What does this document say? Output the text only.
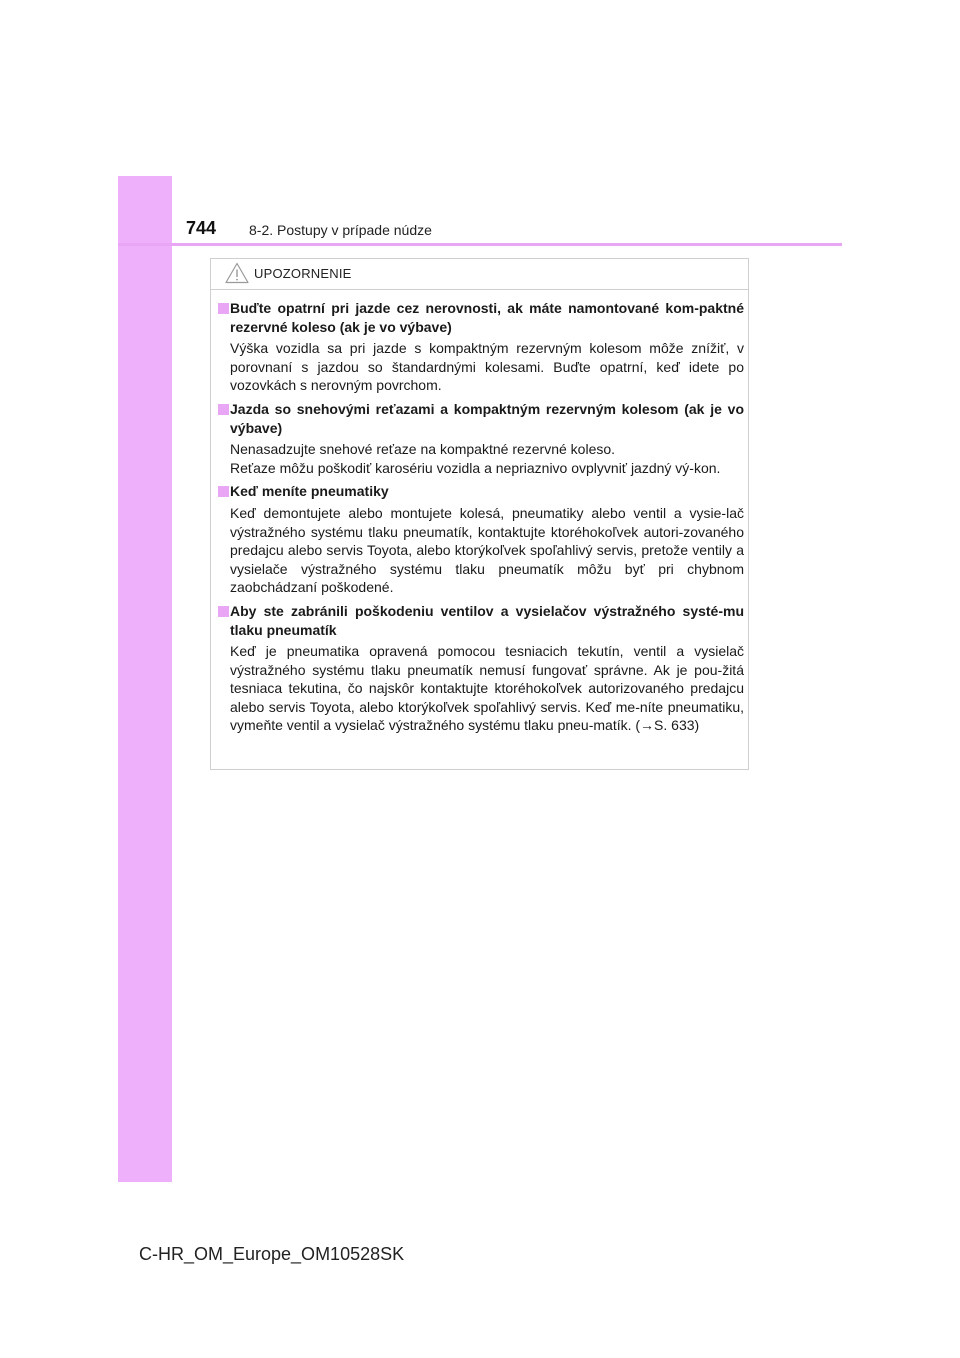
744 8-2. Postupy v prípade núdze
UPOZORNENIE
Buďte opatrní pri jazde cez nerovnosti, ak máte namontované kom-paktné rezervné koleso (ak je vo výbave)
Výška vozidla sa pri jazde s kompaktným rezervným kolesom môže znížiť, v porovnaní s jazdou so štandardnými kolesami. Buďte opatrní, keď idete po vozovkách s nerovným povrchom.
Jazda so snehovými reťazami a kompaktným rezervným kolesom (ak je vo výbave)
Nenasadzujte snehové reťaze na kompaktné rezervné koleso.
Reťaze môžu poškodiť karosériu vozidla a nepriaznivo ovplyvniť jazdný vý-kon.
Keď meníte pneumatiky
Keď demontujete alebo montujete kolesá, pneumatiky alebo ventil a vysie-lač výstražného systému tlaku pneumatík, kontaktujte ktoréhokoľvek autori-zovaného predajcu alebo servis Toyota, alebo ktorýkoľvek spoľahlivý servis, pretože ventily a vysielače výstražného systému tlaku pneumatík môžu byť pri chybnom zaobchádzaní poškodené.
Aby ste zabránili poškodeniu ventilov a vysielačov výstražného systé-mu tlaku pneumatík
Keď je pneumatika opravená pomocou tesniacich tekutín, ventil a vysielač výstražného systému tlaku pneumatík nemusí fungovať správne. Ak je pou-žitá tesniaca tekutina, čo najskôr kontaktujte ktoréhokoľvek autorizovaného predajcu alebo servis Toyota, alebo ktorýkoľvek spoľahlivý servis. Keď me-níte pneumatiku, vymeňte ventil a vysielač výstražného systému tlaku pneu-matík. (→S. 633)
C-HR_OM_Europe_OM10528SK
